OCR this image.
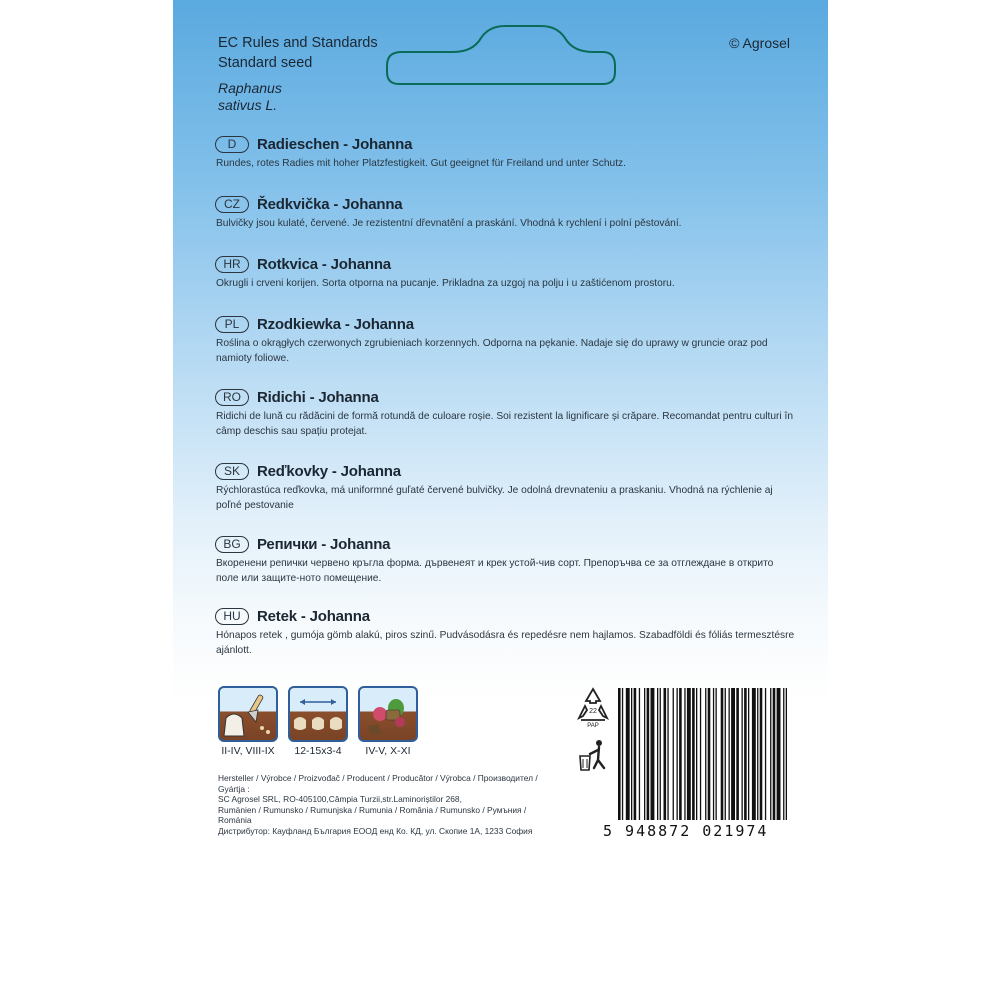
EC Rules and Standards
Standard seed
Raphanus
sativus L.
© Agrosel
D	Radieschen - Johanna
Rundes, rotes Radies mit hoher Platzfestigkeit. Gut geeignet für Freiland und unter Schutz.
CZ	Ředkvička - Johanna
Bulvičky jsou kulaté, červené. Je rezistentní dřevnatění a praskání. Vhodná k rychlení i polní pěstování.
HR	Rotkvica - Johanna
Okrugli i crveni korijen. Sorta otporna na pucanje. Prikladna za uzgoj na polju i u zaštićenom prostoru.
PL	Rzodkiewka - Johanna
Roślina o okrągłych czerwonych zgrubieniach korzennych. Odporna na pękanie. Nadaje się do uprawy w gruncie oraz pod namioty foliowe.
RO	Ridichi - Johanna
Ridichi de lună cu rădăcini de formă rotundă de culoare roșie. Soi rezistent la lignificare și crăpare. Recomandat pentru culturi în câmp deschis sau spațiu protejat.
SK	Reďkovky - Johanna
Rýchlorastúca reďkovka, má uniformné guľaté červené bulvičky. Je odolná drevnateniu a praskaniu. Vhodná na rýchlenie aj poľné pestovanie
BG	Репички - Johanna
Вкоренени репички червено кръгла форма. дървенеят и крек устой-чив сорт. Препоръчва се за отглеждане в открито поле или защите-ното помещение.
HU	Retek - Johanna
Hónapos retek , gumója gömb alakú, piros szinű. Pudvásodásra és repedésre nem hajlamos. Szabadföldi és fóliás termesztésre ajánlott.
II-IV, VIII-IX 12-15x3-4 IV-V, X-XI
Hersteller / Výrobce / Proizvođač / Producent / Producător / Výrobca / Производител / Gyártja :
SC Agrosel SRL, RO-405100,Câmpia Turzii,str.Laminoriștilor 268,
Rumänien / Rumunsko / Rumunjska / Rumunia / România / Rumunsko / Румъния / Románia
Дистрибутор: Кауфланд България ЕООД енд Ко. КД, ул. Скопие 1А, 1233 София
22
PAP
5 948872 021974
